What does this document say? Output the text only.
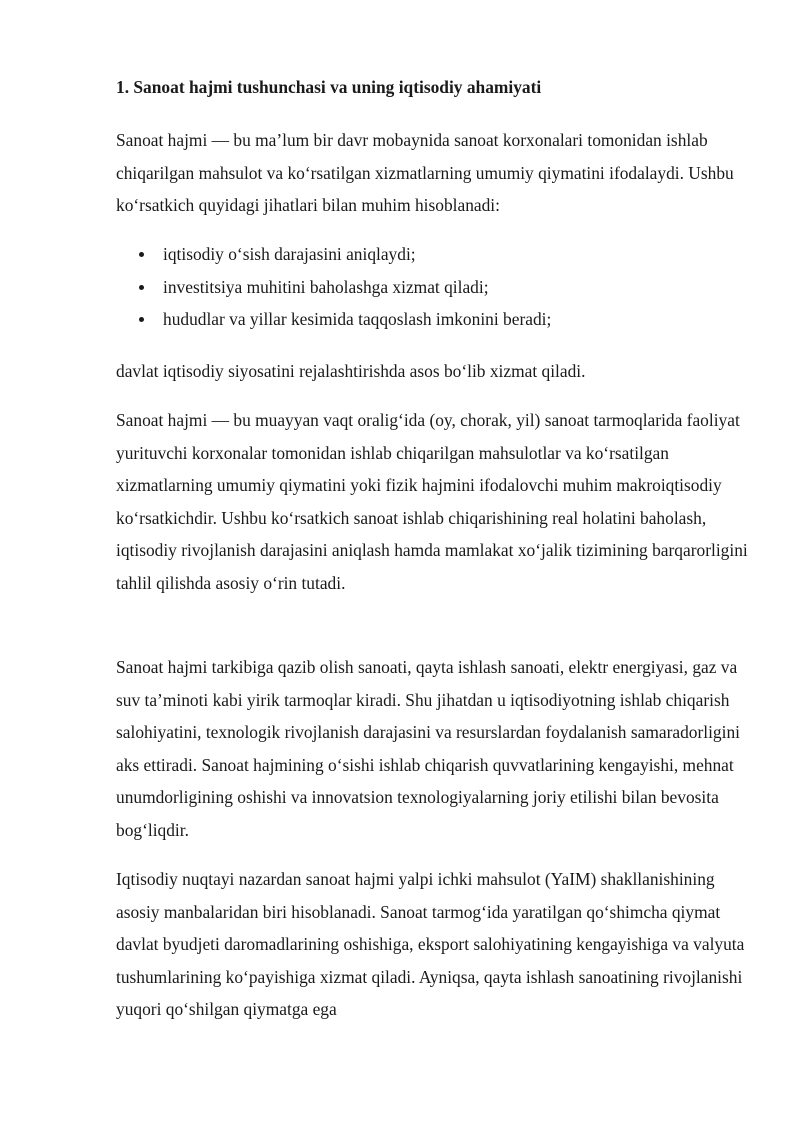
1. Sanoat hajmi tushunchasi va uning iqtisodiy ahamiyati

Sanoat hajmi — bu ma’lum bir davr mobaynida sanoat korxonalari tomonidan ishlab chiqarilgan mahsulot va ko‘rsatilgan xizmatlarning umumiy qiymatini ifodalaydi. Ushbu ko‘rsatkich quyidagi jihatlari bilan muhim hisoblanadi:

iqtisodiy o‘sish darajasini aniqlaydi;
investitsiya muhitini baholashga xizmat qiladi;
hududlar va yillar kesimida taqqoslash imkonini beradi;

davlat iqtisodiy siyosatini rejalashtirishda asos bo‘lib xizmat qiladi.

Sanoat hajmi — bu muayyan vaqt oralig‘ida (oy, chorak, yil) sanoat tarmoqlarida faoliyat yurituvchi korxonalar tomonidan ishlab chiqarilgan mahsulotlar va ko‘rsatilgan xizmatlarning umumiy qiymatini yoki fizik hajmini ifodalovchi muhim makroiqtisodiy ko‘rsatkichdir. Ushbu ko‘rsatkich sanoat ishlab chiqarishining real holatini baholash, iqtisodiy rivojlanish darajasini aniqlash hamda mamlakat xo‘jalik tizimining barqarorligini tahlil qilishda asosiy o‘rin tutadi.

Sanoat hajmi tarkibiga qazib olish sanoati, qayta ishlash sanoati, elektr energiyasi, gaz va suv ta’minoti kabi yirik tarmoqlar kiradi. Shu jihatdan u iqtisodiyotning ishlab chiqarish salohiyatini, texnologik rivojlanish darajasini va resurslardan foydalanish samaradorligini aks ettiradi. Sanoat hajmining o‘sishi ishlab chiqarish quvvatlarining kengayishi, mehnat unumdorligining oshishi va innovatsion texnologiyalarning joriy etilishi bilan bevosita bog‘liqdir.

Iqtisodiy nuqtayi nazardan sanoat hajmi yalpi ichki mahsulot (YaIM) shakllanishining asosiy manbalaridan biri hisoblanadi. Sanoat tarmog‘ida yaratilgan qo‘shimcha qiymat davlat byudjeti daromadlarining oshishiga, eksport salohiyatining kengayishiga va valyuta tushumlarining ko‘payishiga xizmat qiladi. Ayniqsa, qayta ishlash sanoatining rivojlanishi yuqori qo‘shilgan qiymatga ega
